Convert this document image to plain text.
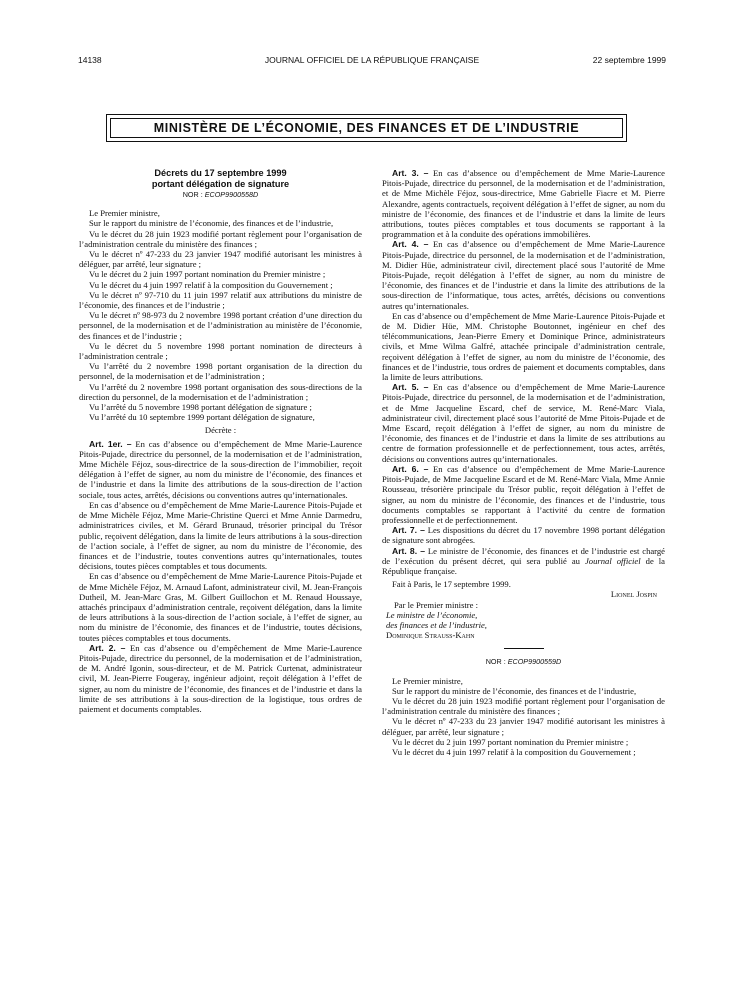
14138	JOURNAL OFFICIEL DE LA RÉPUBLIQUE FRANÇAISE	22 septembre 1999
MINISTÈRE DE L’ÉCONOMIE, DES FINANCES ET DE L’INDUSTRIE

Décrets du 17 septembre 1999

portant délégation de signature

NOR : ECOP9900558D

Le Premier ministre,

Sur le rapport du ministre de l’économie, des finances et de l’industrie,

Vu le décret du 28 juin 1923 modifié portant règlement pour l’organisation de l’administration centrale du ministère des finances ;

Vu le décret nº 47-233 du 23 janvier 1947 modifié autorisant les ministres à déléguer, par arrêté, leur signature ;

Vu le décret du 2 juin 1997 portant nomination du Premier ministre ;

Vu le décret du 4 juin 1997 relatif à la composition du Gouvernement ;

Vu le décret nº 97-710 du 11 juin 1997 relatif aux attributions du ministre de l’économie, des finances et de l’industrie ;

Vu le décret nº 98-973 du 2 novembre 1998 portant création d’une direction du personnel, de la modernisation et de l’administration au ministère de l’économie, des finances et de l’industrie ;

Vu le décret du 5 novembre 1998 portant nomination de directeurs à l’administration centrale ;

Vu l’arrêté du 2 novembre 1998 portant organisation de la direction du personnel, de la modernisation et de l’administration ;

Vu l’arrêté du 2 novembre 1998 portant organisation des sous-directions de la direction du personnel, de la modernisation et de l’administration ;

Vu l’arrêté du 5 novembre 1998 portant délégation de signature ;

Vu l’arrêté du 10 septembre 1999 portant délégation de signature,

Décrète :

Art. 1er. – En cas d’absence ou d’empêchement de Mme Marie-Laurence Pitois-Pujade, directrice du personnel, de la modernisation et de l’administration, Mme Michèle Féjoz, sous-directrice de la sous-direction de l’immobilier, reçoit délégation à l’effet de signer, au nom du ministre de l’économie, des finances et de l’industrie et dans la limite des attributions de la sous-direction de l’action sociale, tous actes, arrêtés, décisions ou conventions autres qu’internationales.

En cas d’absence ou d’empêchement de Mme Marie-Laurence Pitois-Pujade et de Mme Michèle Féjoz, Mme Marie-Christine Querci et Mme Annie Darmedru, administratrices civiles, et M. Gérard Brunaud, trésorier principal du Trésor public, reçoivent délégation, dans la limite de leurs attributions à la sous-direction de l’action sociale, à l’effet de signer, au nom du ministre de l’économie, des finances et de l’industrie, toutes conventions autres qu’internationales, toutes décisions, toutes pièces comptables et tous documents.

En cas d’absence ou d’empêchement de Mme Marie-Laurence Pitois-Pujade et de Mme Michèle Féjoz, M. Arnaud Lafont, administrateur civil, M. Jean-François Dutheil, M. Jean-Marc Gras, M. Gilbert Guillochon et M. Renaud Houssaye, attachés principaux d’administration centrale, reçoivent délégation, dans la limite de leurs attributions à la sous-direction de l’action sociale, à l’effet de signer, au nom du ministre de l’économie, des finances et de l’industrie, toutes décisions, toutes pièces comptables et tous documents.

Art. 2. – En cas d’absence ou d’empêchement de Mme Marie-Laurence Pitois-Pujade, directrice du personnel, de la modernisation et de l’administration, de M. André Igonin, sous-directeur, et de M. Patrick Curtenat, administrateur civil, M. Jean-Pierre Fougeray, ingénieur adjoint, reçoit délégation à l’effet de signer, au nom du ministre de l’économie, des finances et de l’industrie et dans la limite de ses attributions à la sous-direction de la logistique, tous ordres de paiement et documents comptables.

Art. 3. – En cas d’absence ou d’empêchement de Mme Marie-Laurence Pitois-Pujade, directrice du personnel, de la modernisation et de l’administration, et de Mme Michèle Féjoz, sous-directrice, Mme Gabrielle Fiacre et M. Pierre Alexandre, agents contractuels, reçoivent délégation à l’effet de signer, au nom du ministre de l’économie, des finances et de l’industrie et dans la limite de leurs attributions, toutes pièces comptables et tous documents se rapportant à la programmation et à la conduite des opérations immobilières.

Art. 4. – En cas d’absence ou d’empêchement de Mme Marie-Laurence Pitois-Pujade, directrice du personnel, de la modernisation et de l’administration, M. Didier Hüe, administrateur civil, directement placé sous l’autorité de Mme Pitois-Pujade, reçoit délégation à l’effet de signer, au nom du ministre de l’économie, des finances et de l’industrie et dans la limite des attributions de la sous-direction de l’informatique, tous actes, arrêtés, décisions ou conventions autres qu’internationales.

En cas d’absence ou d’empêchement de Mme Marie-Laurence Pitois-Pujade et de M. Didier Hüe, MM. Christophe Boutonnet, ingénieur en chef des télécommunications, Jean-Pierre Emery et Dominique Prince, administrateurs civils, et Mme Wilma Galfré, attachée principale d’administration centrale, reçoivent délégation à l’effet de signer, au nom du ministre de l’économie, des finances et de l’industrie, tous ordres de paiement et documents comptables, dans la limite de leurs attributions.

Art. 5. – En cas d’absence ou d’empêchement de Mme Marie-Laurence Pitois-Pujade, directrice du personnel, de la modernisation et de l’administration, et de Mme Jacqueline Escard, chef de service, M. René-Marc Viala, administrateur civil, directement placé sous l’autorité de Mme Pitois-Pujade et de Mme Escard, reçoit délégation à l’effet de signer, au nom du ministre de l’économie, des finances et de l’industrie et dans la limite de ses attributions au centre de formation professionnelle et de perfectionnement, tous actes, arrêtés, décisions ou conventions autres qu’internationales.

Art. 6. – En cas d’absence ou d’empêchement de Mme Marie-Laurence Pitois-Pujade, de Mme Jacqueline Escard et de M. René-Marc Viala, Mme Annie Rousseau, trésorière principale du Trésor public, reçoit délégation à l’effet de signer, au nom du ministre de l’économie, des finances et de l’industrie, tous documents comptables se rapportant à l’activité du centre de formation professionnelle et de perfectionnement.

Art. 7. – Les dispositions du décret du 17 novembre 1998 portant délégation de signature sont abrogées.

Art. 8. – Le ministre de l’économie, des finances et de l’industrie est chargé de l’exécution du présent décret, qui sera publié au Journal officiel de la République française.

Fait à Paris, le 17 septembre 1999.

Lionel Jospin

Par le Premier ministre :

Le ministre de l’économie,

des finances et de l’industrie,

Dominique Strauss-Kahn

NOR : ECOP9900559D

Le Premier ministre,

Sur le rapport du ministre de l’économie, des finances et de l’industrie,

Vu le décret du 28 juin 1923 modifié portant règlement pour l’organisation de l’administration centrale du ministère des finances ;

Vu le décret nº 47-233 du 23 janvier 1947 modifié autorisant les ministres à déléguer, par arrêté, leur signature ;

Vu le décret du 2 juin 1997 portant nomination du Premier ministre ;

Vu le décret du 4 juin 1997 relatif à la composition du Gouvernement ;
